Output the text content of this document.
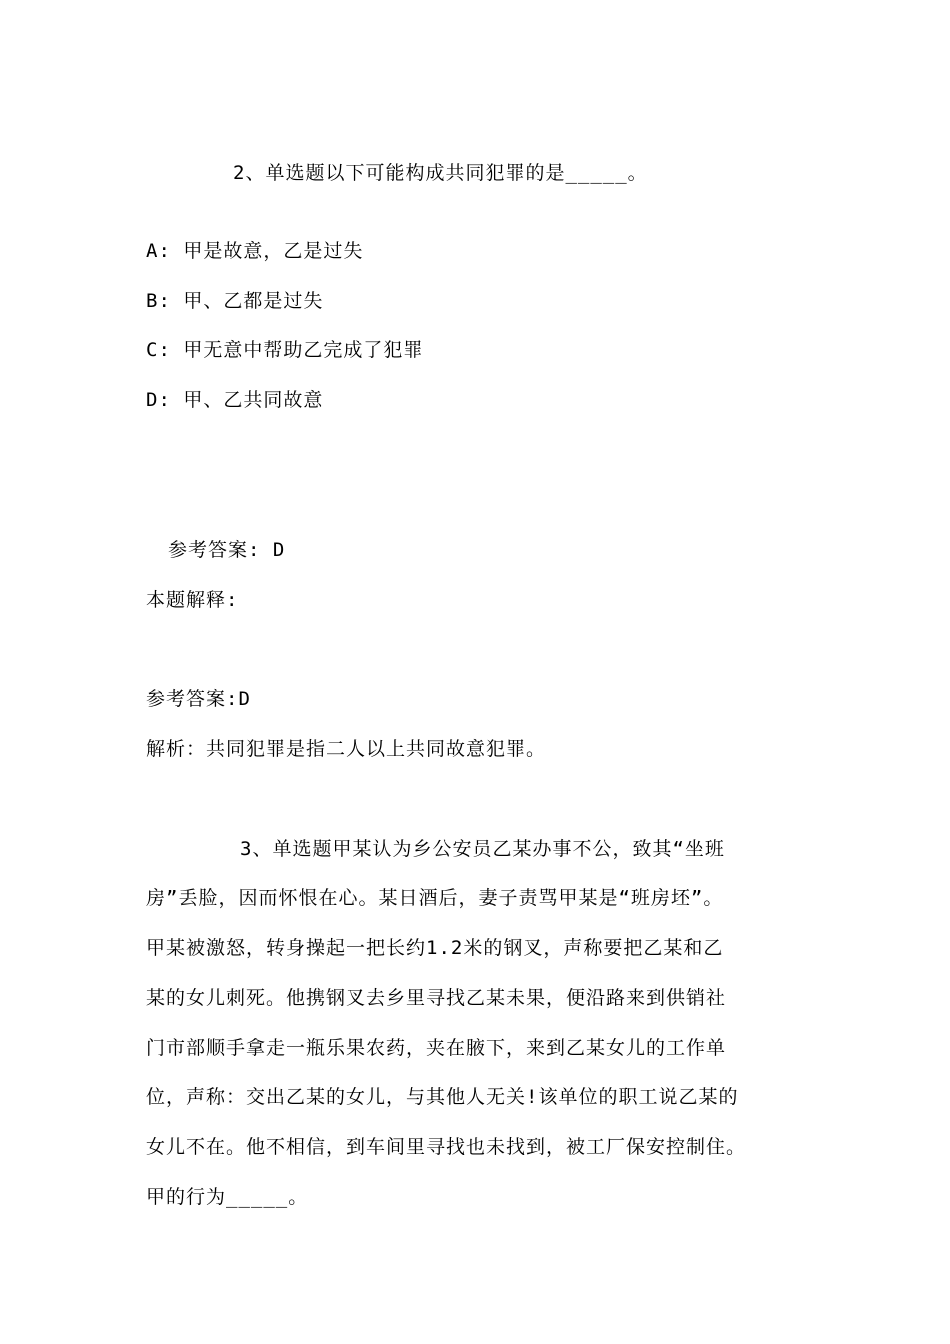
2、单选题以下可能构成共同犯罪的是_____。
A: 甲是故意，乙是过失
B: 甲、乙都是过失
C: 甲无意中帮助乙完成了犯罪
D: 甲、乙共同故意
参考答案: D
本题解释:
参考答案:D
解析：共同犯罪是指二人以上共同故意犯罪。
3、单选题甲某认为乡公安员乙某办事不公，致其“坐班
房”丢脸，因而怀恨在心。某日酒后，妻子责骂甲某是“班房坯”。
甲某被激怒，转身操起一把长约1.2米的钢叉，声称要把乙某和乙
某的女儿刺死。他携钢叉去乡里寻找乙某未果，便沿路来到供销社
门市部顺手拿走一瓶乐果农药，夹在腋下，来到乙某女儿的工作单
位，声称：交出乙某的女儿，与其他人无关!该单位的职工说乙某的
女儿不在。他不相信，到车间里寻找也未找到，被工厂保安控制住。
甲的行为_____。
